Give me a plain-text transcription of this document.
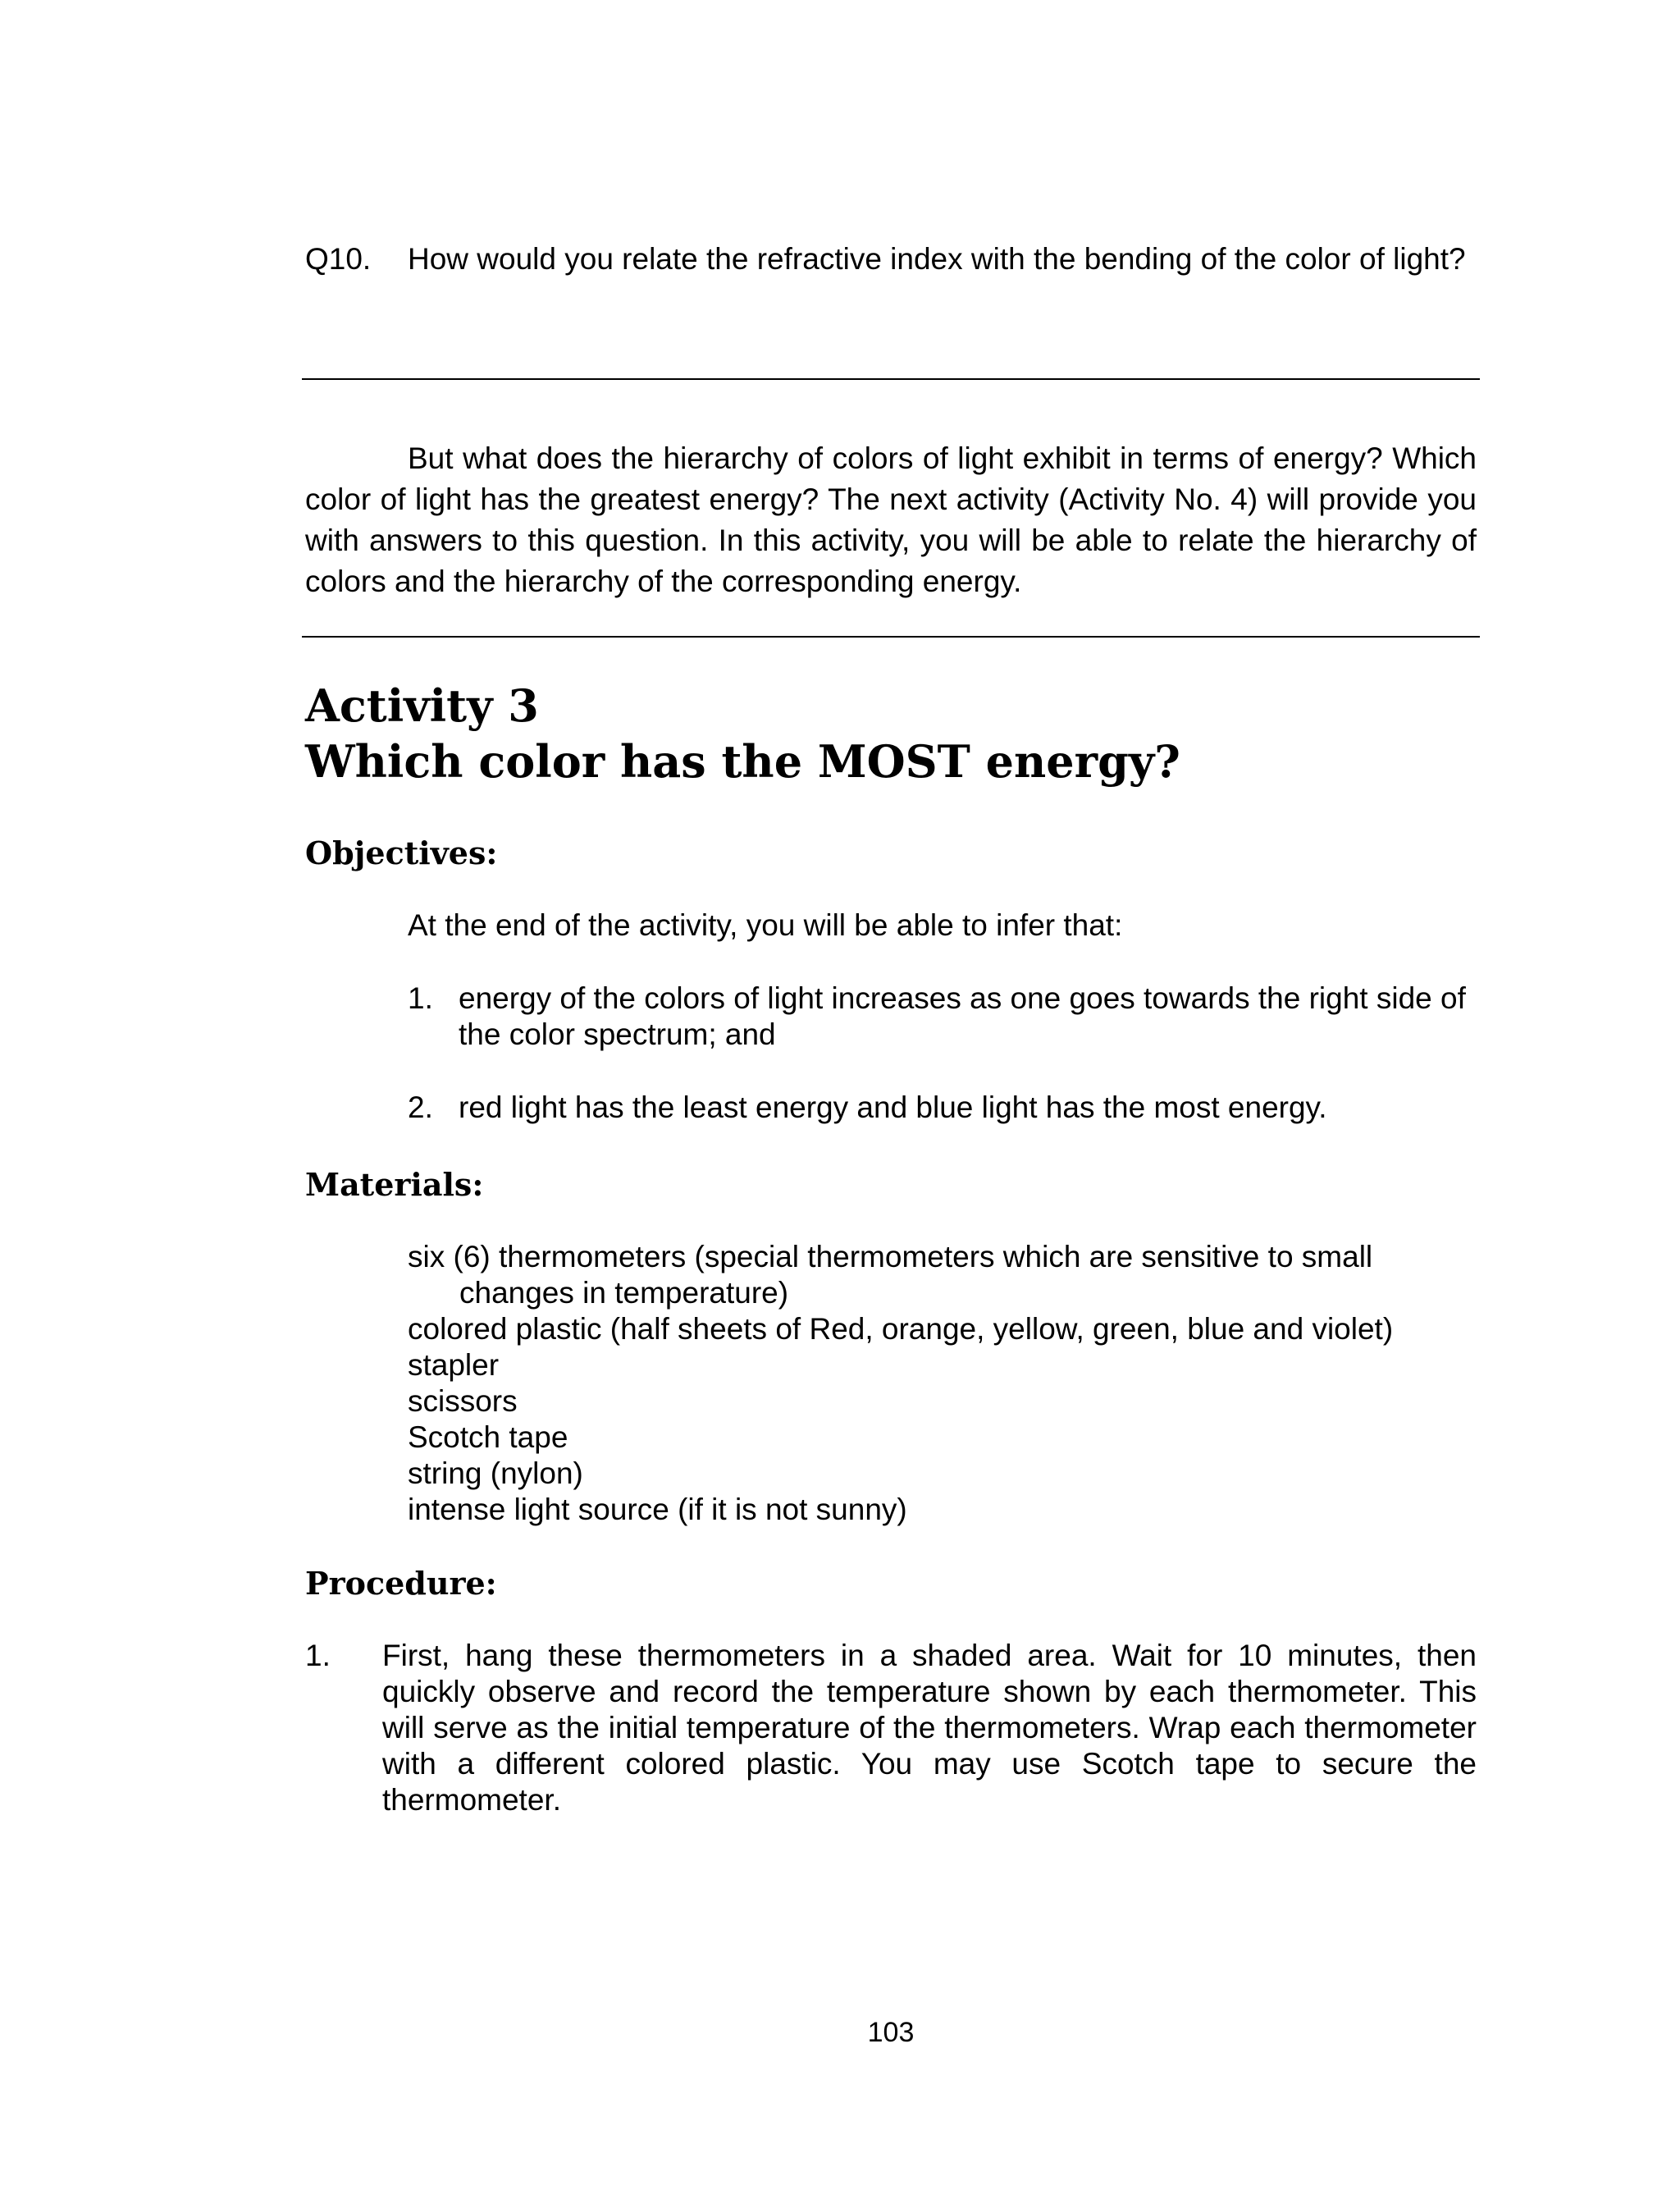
Q10. How would you relate the refractive index with the bending of the color of light?
But what does the hierarchy of colors of light exhibit in terms of energy? Which color of light has the greatest energy? The next activity (Activity No. 4) will provide you with answers to this question. In this activity, you will be able to relate the hierarchy of colors and the hierarchy of the corresponding energy.
Activity 3
Which color has the MOST energy?
Objectives:
At the end of the activity, you will be able to infer that:
1. energy of the colors of light increases as one goes towards the right side of the color spectrum; and
2. red light has the least energy and blue light has the most energy.
Materials:
six (6) thermometers (special thermometers which are sensitive to small changes in temperature)
colored plastic (half sheets of Red, orange, yellow, green, blue and violet)
stapler
scissors
Scotch tape
string (nylon)
intense light source (if it is not sunny)
Procedure:
1.	First, hang these thermometers in a shaded area. Wait for 10 minutes, then quickly observe and record the temperature shown by each thermometer. This will serve as the initial temperature of the thermometers. Wrap each thermometer with a different colored plastic. You may use Scotch tape to secure the thermometer.
103
